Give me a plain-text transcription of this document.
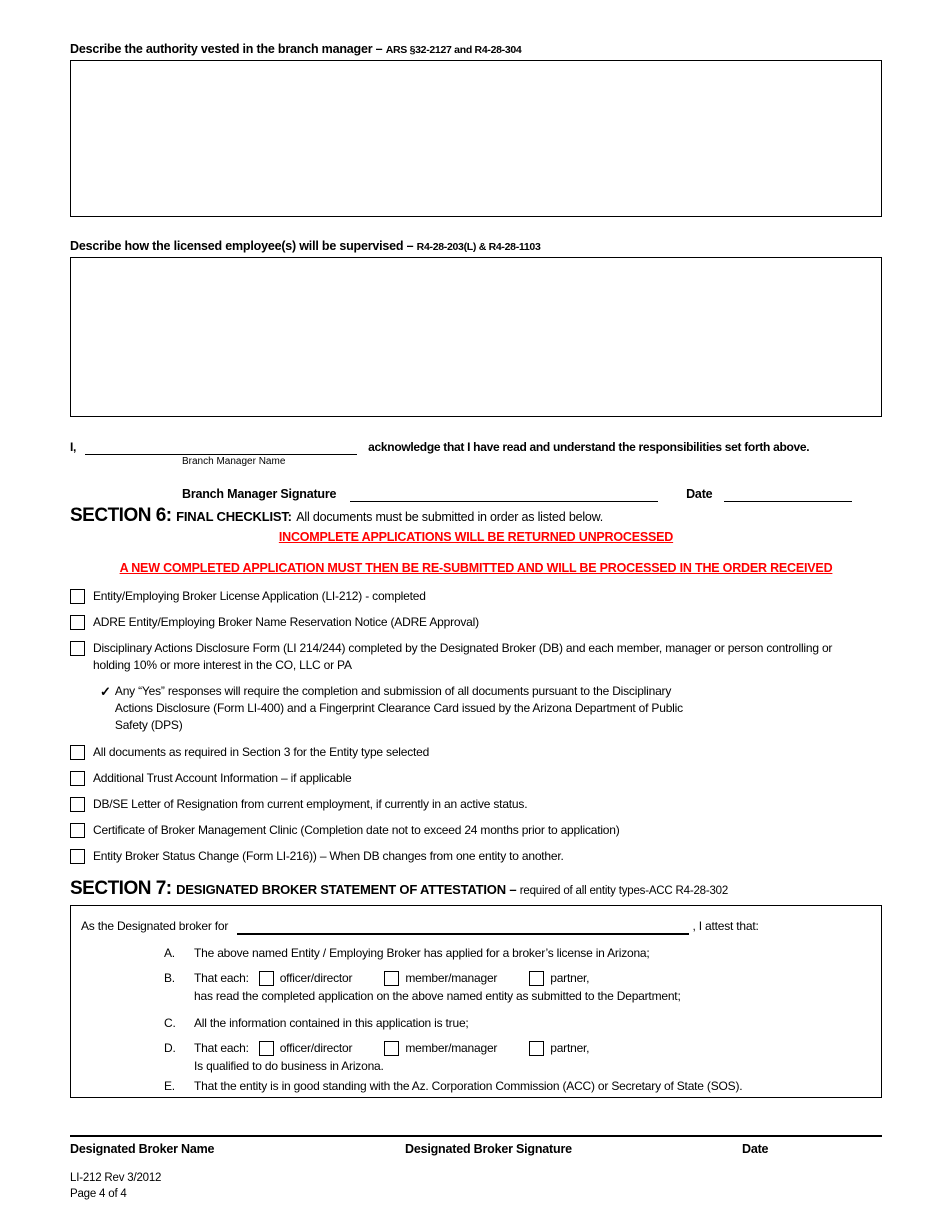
Describe the authority vested in the branch manager – ARS §32-2127 and R4-28-304
Describe how the licensed employee(s) will be supervised – R4-28-203(L) & R4-28-1103
I,	acknowledge that I have read and understand the responsibilities set forth above.
Branch Manager Name
Branch Manager Signature	Date
SECTION 6: FINAL CHECKLIST: All documents must be submitted in order as listed below.
INCOMPLETE APPLICATIONS WILL BE RETURNED UNPROCESSED
A NEW COMPLETED APPLICATION MUST THEN BE RE-SUBMITTED AND WILL BE PROCESSED IN THE ORDER RECEIVED
Entity/Employing Broker License Application (LI-212) - completed
ADRE Entity/Employing Broker Name Reservation Notice (ADRE Approval)
Disciplinary Actions Disclosure Form (LI 214/244) completed by the Designated Broker (DB) and each member, manager or person controlling or holding 10% or more interest in the CO, LLC or PA
✓ Any “Yes” responses will require the completion and submission of all documents pursuant to the Disciplinary Actions Disclosure (Form LI-400) and a Fingerprint Clearance Card issued by the Arizona Department of Public Safety (DPS)
All documents as required in Section 3 for the Entity type selected
Additional Trust Account Information – if applicable
DB/SE Letter of Resignation from current employment, if currently in an active status.
Certificate of Broker Management Clinic (Completion date not to exceed 24 months prior to application)
Entity Broker Status Change (Form LI-216)) – When DB changes from one entity to another.
SECTION 7: DESIGNATED BROKER STATEMENT OF ATTESTATION – required of all entity types-ACC R4-28-302
As the Designated broker for	, I attest that:
A.	The above named Entity / Employing Broker has applied for a broker’s license in Arizona;
B.	That each:	officer/director	member/manager	partner,
has read the completed application on the above named entity as submitted to the Department;
C.	All the information contained in this application is true;
D.	That each:	officer/director	member/manager	partner,
Is qualified to do business in Arizona.
E.	That the entity is in good standing with the Az. Corporation Commission (ACC) or Secretary of State (SOS).
Designated Broker Name	Designated Broker Signature	Date
LI-212 Rev 3/2012
Page 4 of 4
